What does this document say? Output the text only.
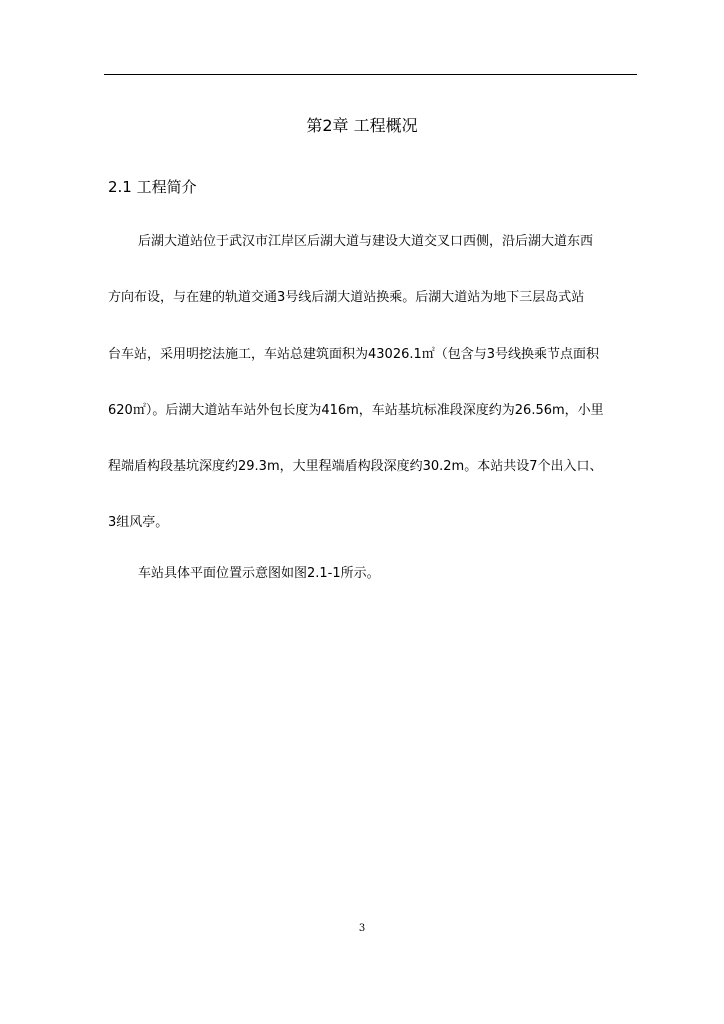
第2章 工程概况
2.1 工程简介
后湖大道站位于武汉市江岸区后湖大道与建设大道交叉口西侧，沿后湖大道东西
方向布设，与在建的轨道交通3号线后湖大道站换乘。后湖大道站为地下三层岛式站
台车站，采用明挖法施工，车站总建筑面积为43026.1㎡（包含与3号线换乘节点面积
620㎡）。后湖大道站车站外包长度为416m，车站基坑标准段深度约为26.56m，小里
程端盾构段基坑深度约29.3m，大里程端盾构段深度约30.2m。本站共设7个出入口、
3组风亭。
车站具体平面位置示意图如图2.1-1所示。
3
